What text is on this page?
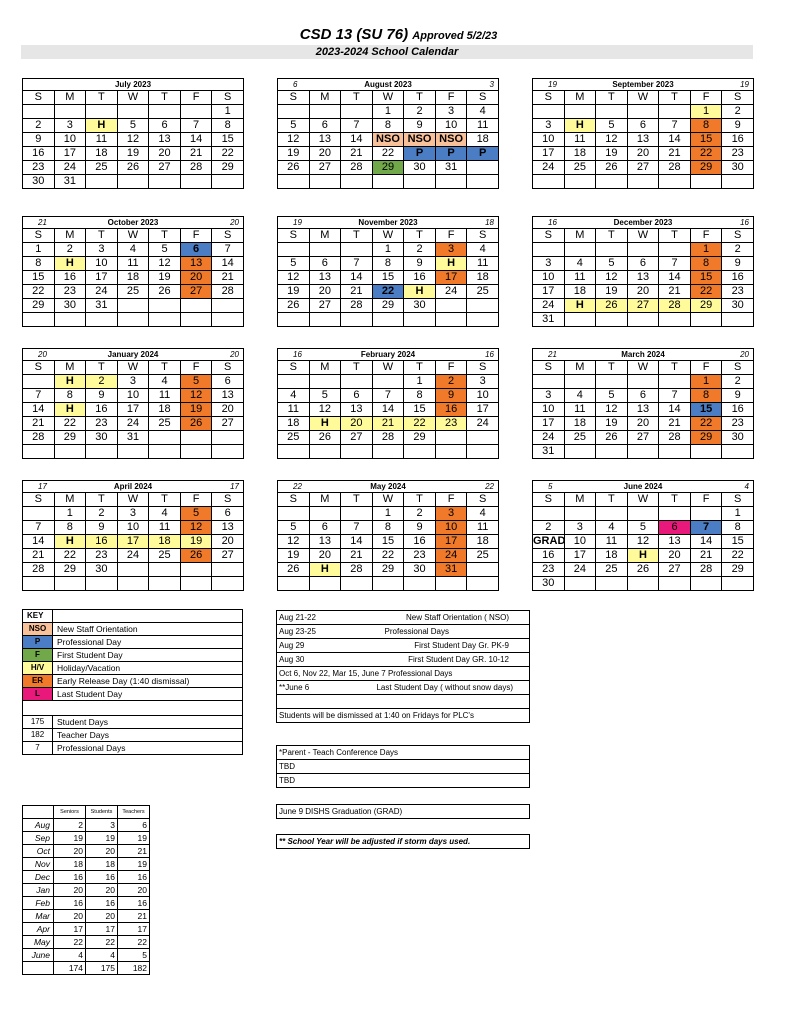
CSD 13 (SU 76) Approved 5/2/23
2023-2024 School Calendar
July 2023
S	M	T	W	T	F	S
						1
2	3	H	5	6	7	8
9	10	11	12	13	14	15
16	17	18	19	20	21	22
23	24	25	26	27	28	29
30	31					
6	August 2023	3
S	M	T	W	T	F	S
			1	2	3	4
5	6	7	8	9	10	11
12	13	14	NSO	NSO	NSO	18
19	20	21	22	P	P	P
26	27	28	29	30	31	

19	September 2023	19
S	M	T	W	T	F	S
					1	2
3	H	5	6	7	8	9
10	11	12	13	14	15	16
17	18	19	20	21	22	23
24	25	26	27	28	29	30

21	October 2023	20
S	M	T	W	T	F	S
1	2	3	4	5	6	7
8	H	10	11	12	13	14
15	16	17	18	19	20	21
22	23	24	25	26	27	28
29	30	31				

19	November 2023	18
S	M	T	W	T	F	S
			1	2	3	4
5	6	7	8	9	H	11
12	13	14	15	16	17	18
19	20	21	22	H	24	25
26	27	28	29	30		

16	December 2023	16
S	M	T	W	T	F	S
					1	2
3	4	5	6	7	8	9
10	11	12	13	14	15	16
17	18	19	20	21	22	23
24	H	26	27	28	29	30
31						
20	January 2024	20
S	M	T	W	T	F	S
	H	2	3	4	5	6
7	8	9	10	11	12	13
14	H	16	17	18	19	20
21	22	23	24	25	26	27
28	29	30	31			

16	February 2024	16
S	M	T	W	T	F	S
				1	2	3
4	5	6	7	8	9	10
11	12	13	14	15	16	17
18	H	20	21	22	23	24
25	26	27	28	29		

21	March 2024	20
S	M	T	W	T	F	S
					1	2
3	4	5	6	7	8	9
10	11	12	13	14	15	16
17	18	19	20	21	22	23
24	25	26	27	28	29	30
31						
17	April 2024	17
S	M	T	W	T	F	S
	1	2	3	4	5	6
7	8	9	10	11	12	13
14	H	16	17	18	19	20
21	22	23	24	25	26	27
28	29	30				

22	May 2024	22
S	M	T	W	T	F	S
			1	2	3	4
5	6	7	8	9	10	11
12	13	14	15	16	17	18
19	20	21	22	23	24	25
26	H	28	29	30	31	

5	June 2024	4
S	M	T	W	T	F	S
						1
2	3	4	5	6	7	8
GRAD	10	11	12	13	14	15
16	17	18	H	20	21	22
23	24	25	26	27	28	29
30						
KEY	
NSO	New Staff Orientation
P	Professional Day
F	First Student Day
H/V	Holiday/Vacation
ER	Early Release Day (1:40 dismissal)
L	Last Student Day

175	Student Days
182	Teacher Days
7	Professional Days
Aug 21-22	New Staff Orientation ( NSO)
Aug 23-25	Professional Days
Aug 29	First Student Day Gr. PK-9
Aug 30	First Student Day GR. 10-12
Oct 6, Nov 22, Mar 15, June 7 Professional Days	
**June 6	Last Student Day ( without snow days)

Students will be dismissed at 1:40 on Fridays for PLC's	
*Parent - Teach Conference Days
TBD
TBD
June 9 DISHS Graduation (GRAD)
** School Year will be adjusted if storm days used.
	Seniors	Students	Teachers
Aug	2	3	6
Sep	19	19	19
Oct	20	20	21
Nov	18	18	19
Dec	16	16	16
Jan	20	20	20
Feb	16	16	16
Mar	20	20	21
Apr	17	17	17
May	22	22	22
June	4	4	5
	174	175	182
